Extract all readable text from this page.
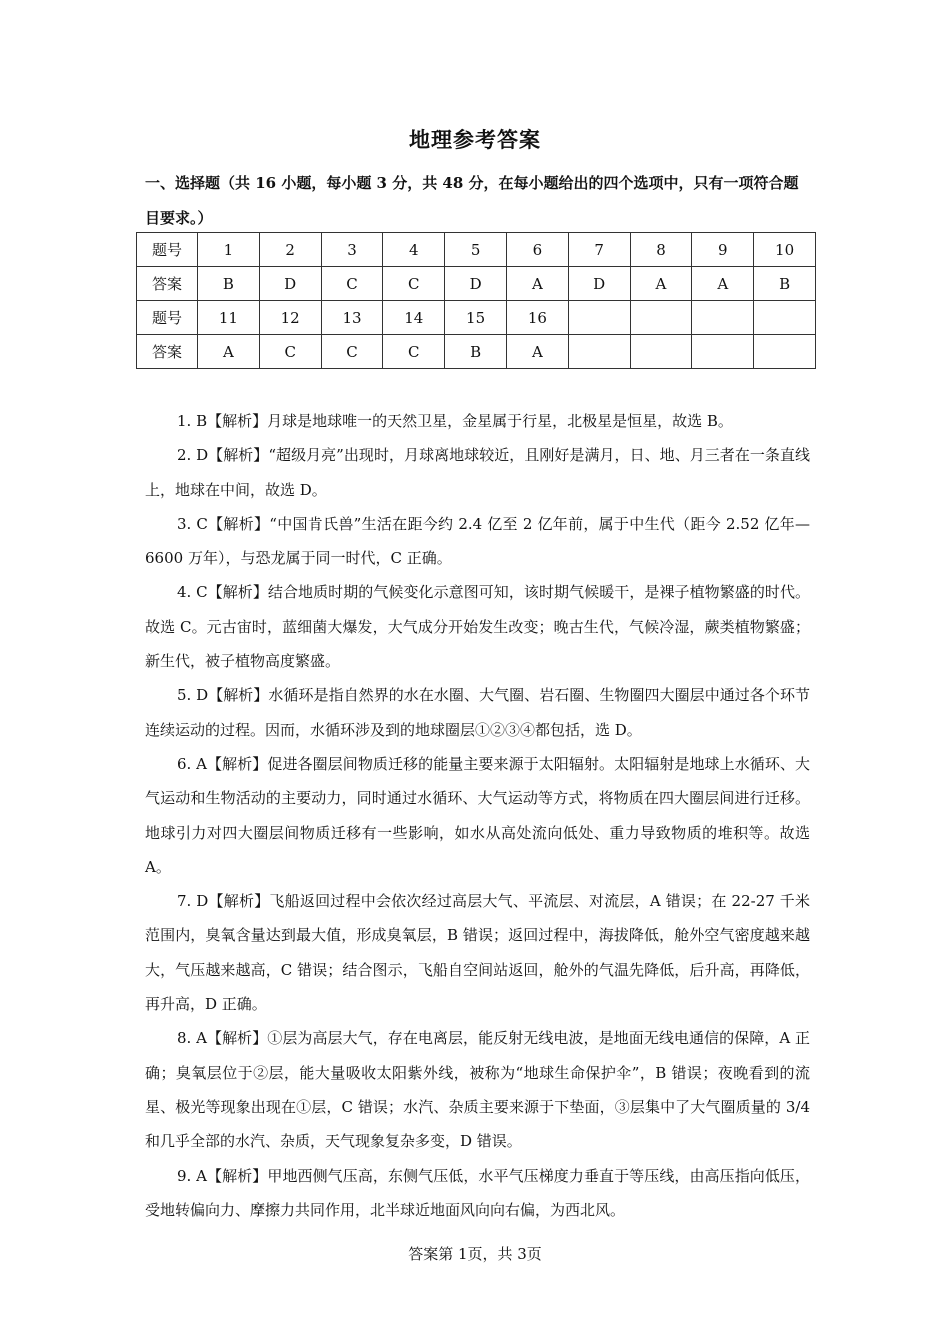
地理参考答案
一、选择题（共 16 小题，每小题 3 分，共 48 分，在每小题给出的四个选项中，只有一项符合题目要求。）
题号	1	2	3	4	5	6	7	8	9	10
答案	B	D	C	C	D	A	D	A	A	B
题号	11	12	13	14	15	16				
答案	A	C	C	C	B	A				

1. B【解析】月球是地球唯一的天然卫星，金星属于行星，北极星是恒星，故选 B。

2. D【解析】“超级月亮”出现时，月球离地球较近，且刚好是满月，日、地、月三者在一条直线上，地球在中间，故选 D。

3. C【解析】“中国肯氏兽”生活在距今约 2.4 亿至 2 亿年前，属于中生代（距今 2.52 亿年—6600 万年），与恐龙属于同一时代，C 正确。

4. C【解析】结合地质时期的气候变化示意图可知，该时期气候暖干，是裸子植物繁盛的时代。故选 C。元古宙时，蓝细菌大爆发，大气成分开始发生改变；晚古生代，气候冷湿，蕨类植物繁盛；新生代，被子植物高度繁盛。

5. D【解析】水循环是指自然界的水在水圈、大气圈、岩石圈、生物圈四大圈层中通过各个环节连续运动的过程。因而，水循环涉及到的地球圈层①②③④都包括，选 D。

6. A【解析】促进各圈层间物质迁移的能量主要来源于太阳辐射。太阳辐射是地球上水循环、大气运动和生物活动的主要动力，同时通过水循环、大气运动等方式，将物质在四大圈层间进行迁移。地球引力对四大圈层间物质迁移有一些影响，如水从高处流向低处、重力导致物质的堆积等。故选 A。

7. D【解析】飞船返回过程中会依次经过高层大气、平流层、对流层，A 错误；在 22-27 千米范围内，臭氧含量达到最大值，形成臭氧层，B 错误；返回过程中，海拔降低，舱外空气密度越来越大，气压越来越高，C 错误；结合图示，飞船自空间站返回，舱外的气温先降低，后升高，再降低，再升高，D 正确。

8. A【解析】①层为高层大气，存在电离层，能反射无线电波，是地面无线电通信的保障，A 正确；臭氧层位于②层，能大量吸收太阳紫外线，被称为“地球生命保护伞”，B 错误；夜晚看到的流星、极光等现象出现在①层，C 错误；水汽、杂质主要来源于下垫面，③层集中了大气圈质量的 3/4 和几乎全部的水汽、杂质，天气现象复杂多变，D 错误。

9. A【解析】甲地西侧气压高，东侧气压低，水平气压梯度力垂直于等压线，由高压指向低压，受地转偏向力、摩擦力共同作用，北半球近地面风向向右偏，为西北风。

答案第 1页，共 3页
